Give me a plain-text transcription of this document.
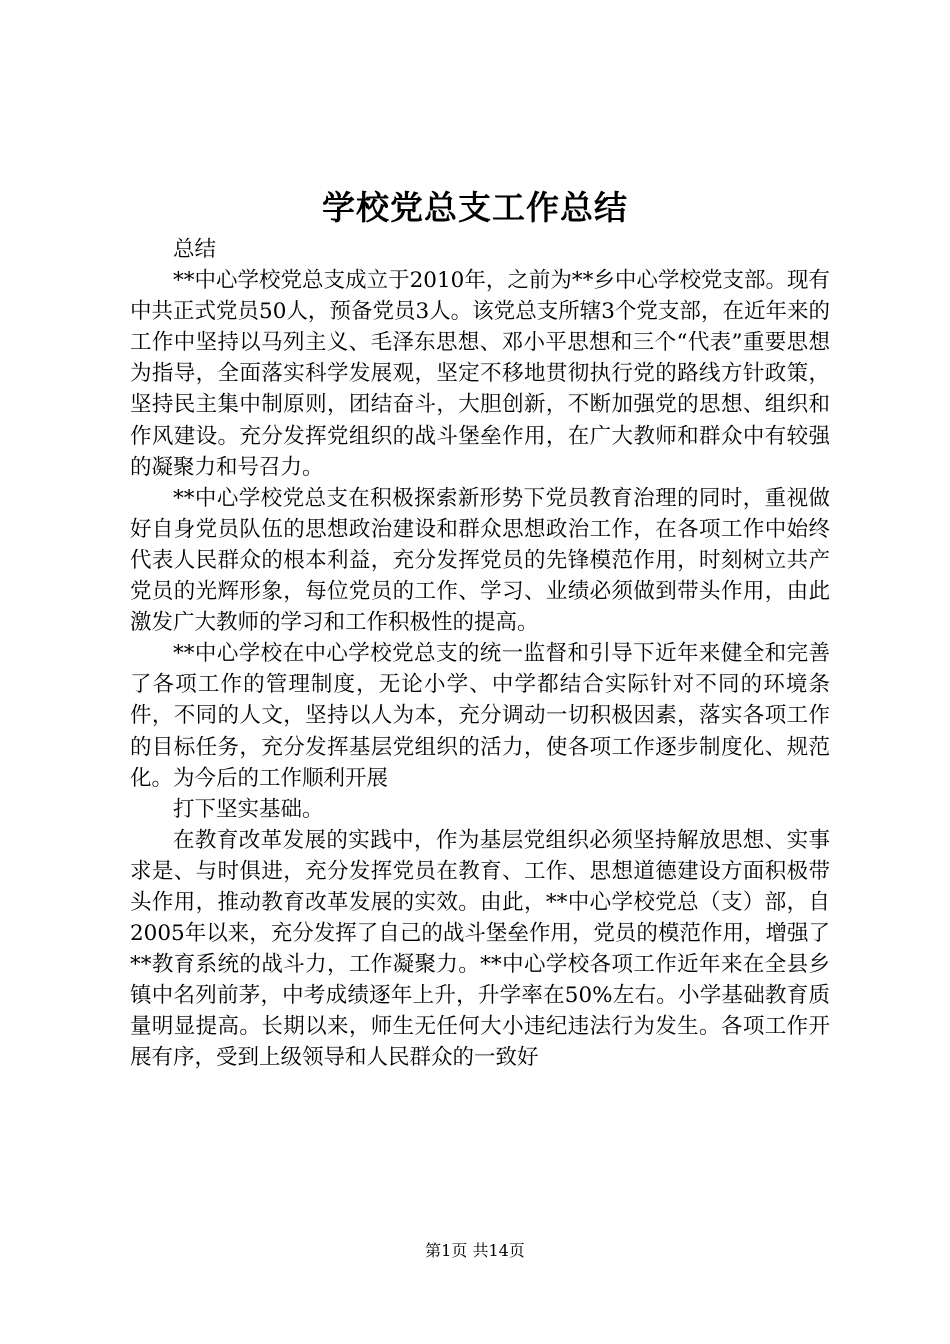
学校党总支工作总结

总结

**中心学校党总支成立于2010年，之前为**乡中心学校党支部。现有中共正式党员50人，预备党员3人。该党总支所辖3个党支部，在近年来的工作中坚持以马列主义、毛泽东思想、邓小平思想和三个“代表”重要思想为指导，全面落实科学发展观，坚定不移地贯彻执行党的路线方针政策，坚持民主集中制原则，团结奋斗，大胆创新，不断加强党的思想、组织和作风建设。充分发挥党组织的战斗堡垒作用，在广大教师和群众中有较强的凝聚力和号召力。

**中心学校党总支在积极探索新形势下党员教育治理的同时，重视做好自身党员队伍的思想政治建设和群众思想政治工作，在各项工作中始终代表人民群众的根本利益，充分发挥党员的先锋模范作用，时刻树立共产党员的光辉形象，每位党员的工作、学习、业绩必须做到带头作用，由此激发广大教师的学习和工作积极性的提高。

**中心学校在中心学校党总支的统一监督和引导下近年来健全和完善了各项工作的管理制度，无论小学、中学都结合实际针对不同的环境条件，不同的人文，坚持以人为本，充分调动一切积极因素，落实各项工作的目标任务，充分发挥基层党组织的活力，使各项工作逐步制度化、规范化。为今后的工作顺利开展

打下坚实基础。

在教育改革发展的实践中，作为基层党组织必须坚持解放思想、实事求是、与时俱进，充分发挥党员在教育、工作、思想道德建设方面积极带头作用，推动教育改革发展的实效。由此，**中心学校党总（支）部，自2005年以来，充分发挥了自己的战斗堡垒作用，党员的模范作用，增强了**教育系统的战斗力，工作凝聚力。**中心学校各项工作近年来在全县乡镇中名列前茅，中考成绩逐年上升，升学率在50%左右。小学基础教育质量明显提高。长期以来，师生无任何大小违纪违法行为发生。各项工作开展有序，受到上级领导和人民群众的一致好

第1页 共14页
